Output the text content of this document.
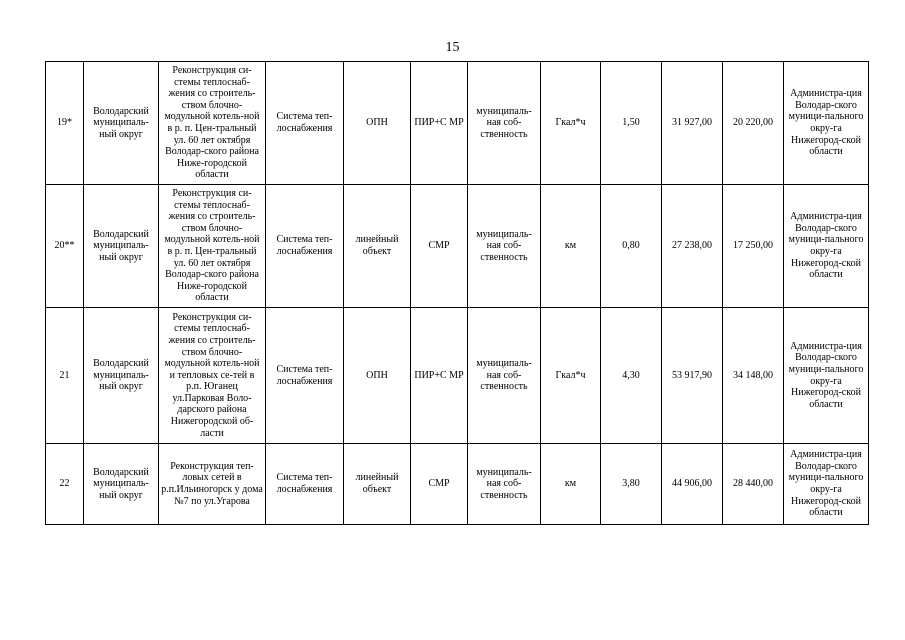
15
19*	Володарский муниципаль-ный округ	Реконструкция си-стемы теплоснаб-жения со строитель-ством блочно-модульной котель-ной в р. п. Цен-тральный ул. 60 лет октября Володар-ского района Ниже-городской области	Система теп-лоснабжения	ОПН	ПИР+С МР	муниципаль-ная соб-ственность	Гкал*ч	1,50	31 927,00	20 220,00	Администра-ция Володар-ского муници-пального окру-га Нижегород-ской области
20**	Володарский муниципаль-ный округ	Реконструкция си-стемы теплоснаб-жения со строитель-ством блочно-модульной котель-ной в р. п. Цен-тральный ул. 60 лет октября Володар-ского района Ниже-городской области	Система теп-лоснабжения	линейный объект	СМР	муниципаль-ная соб-ственность	км	0,80	27 238,00	17 250,00	Администра-ция Володар-ского муници-пального окру-га Нижегород-ской области
21	Володарский муниципаль-ный округ	Реконструкция си-стемы теплоснаб-жения со строитель-ством блочно-модульной котель-ной и тепловых се-тей в р.п. Юганец ул.Парковая Воло-дарского района Нижегородской об-ласти	Система теп-лоснабжения	ОПН	ПИР+С МР	муниципаль-ная соб-ственность	Гкал*ч	4,30	53 917,90	34 148,00	Администра-ция Володар-ского муници-пального окру-га Нижегород-ской области
22	Володарский муниципаль-ный округ	Реконструкция теп-ловых сетей в р.п.Ильиногорск у дома №7 по ул.Угарова	Система теп-лоснабжения	линейный объект	СМР	муниципаль-ная соб-ственность	км	3,80	44 906,00	28 440,00	Администра-ция Володар-ского муници-пального окру-га Нижегород-ской области
